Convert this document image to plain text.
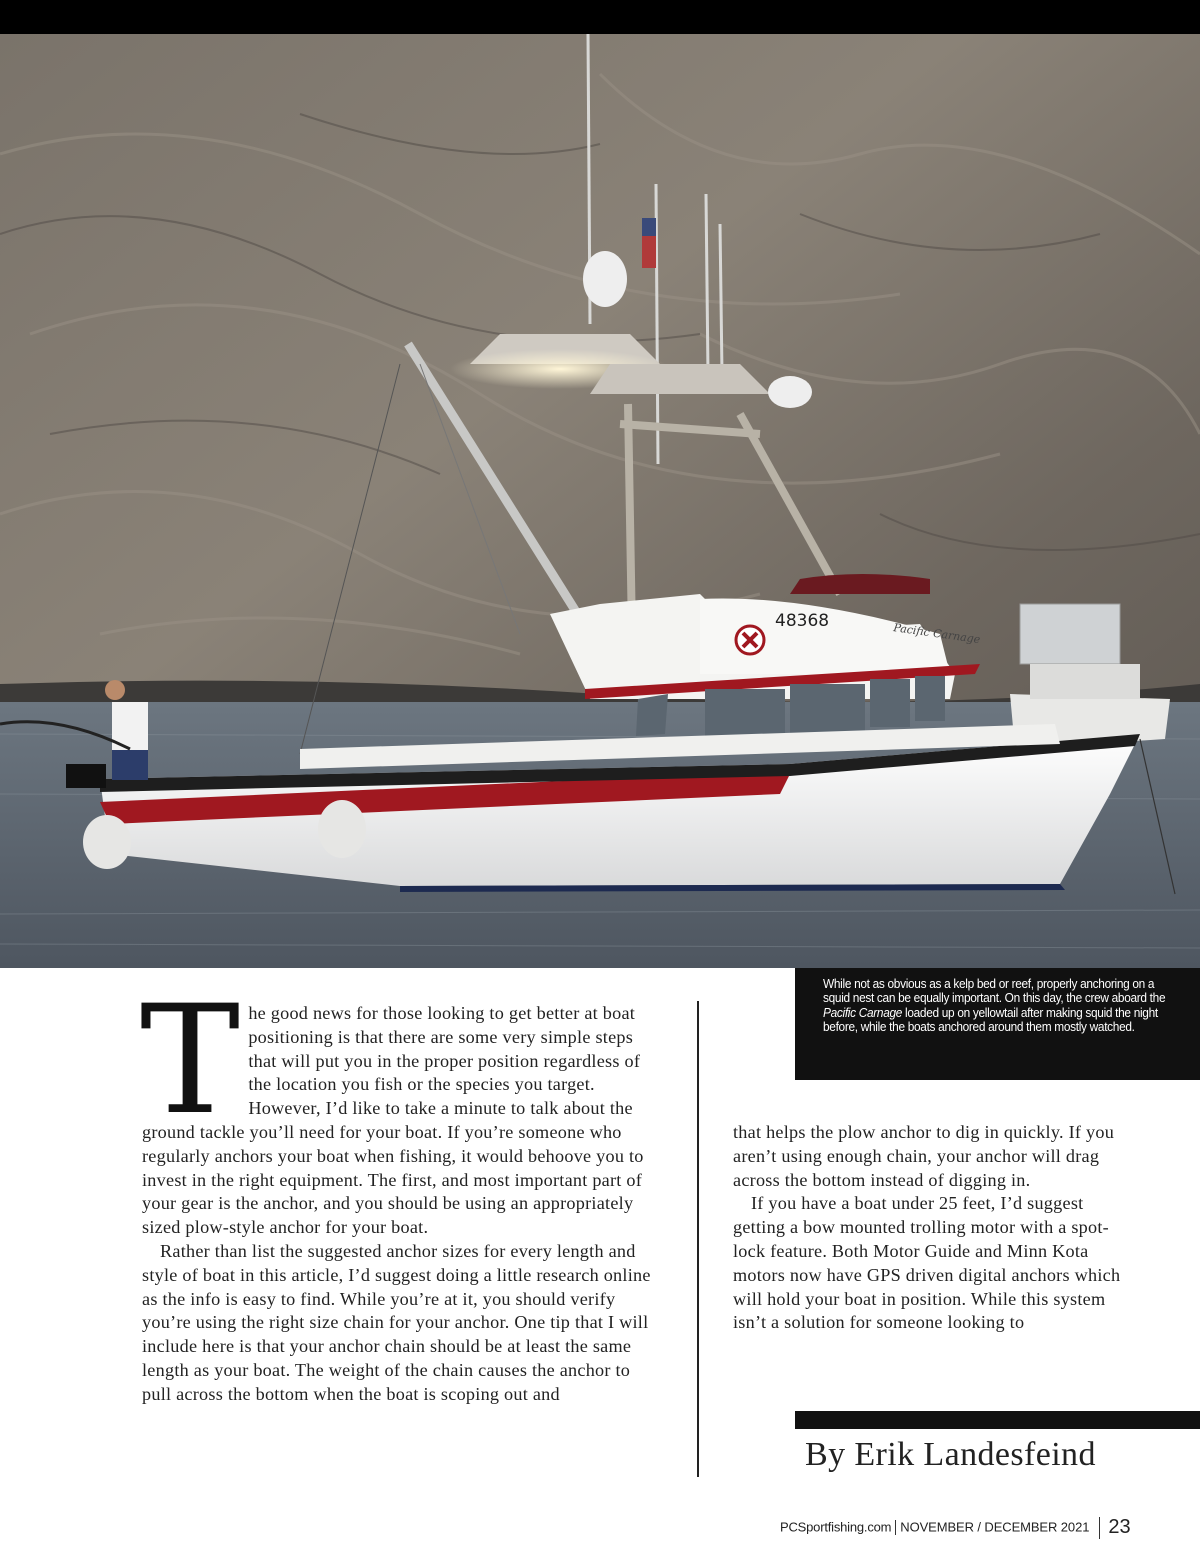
48368
Pacific Carnage

While not as obvious as a kelp bed or reef, properly anchoring on a squid nest can be equally important. On this day, the crew aboard the Pacific Carnage loaded up on yellowtail after making squid the night before, while the boats anchored around them mostly watched.

The good news for those looking to get better at boat positioning is that there are some very simple steps that will put you in the proper position regardless of the location you fish or the species you target. However, I’d like to take a minute to talk about the ground tackle you’ll need for your boat. If you’re someone who regularly anchors your boat when fishing, it would behoove you to invest in the right equipment. The first, and most important part of your gear is the anchor, and you should be using an appropriately sized plow-style anchor for your boat.

Rather than list the suggested anchor sizes for every length and style of boat in this article, I’d suggest doing a little research online as the info is easy to find. While you’re at it, you should verify you’re using the right size chain for your anchor. One tip that I will include here is that your anchor chain should be at least the same length as your boat. The weight of the chain causes the anchor to pull across the bottom when the boat is scoping out and

that helps the plow anchor to dig in quickly. If you aren’t using enough chain, your anchor will drag across the bottom instead of digging in.

If you have a boat under 25 feet, I’d suggest getting a bow mounted trolling motor with a spot-lock feature. Both Motor Guide and Minn Kota motors now have GPS driven digital anchors which will hold your boat in position. While this system isn’t a solution for someone looking to

By Erik Landesfeind
PCSportfishing.com NOVEMBER / DECEMBER 2021 23
